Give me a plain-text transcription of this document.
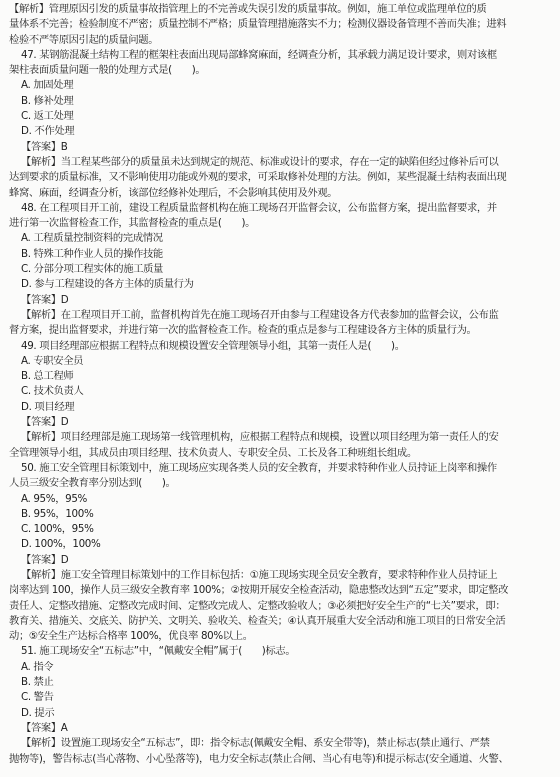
【解析】管理原因引发的质量事故指管理上的不完善或失误引发的质量事故。例如，施工单位或监理单位的质
量体系不完善；检验制度不严密；质量控制不严格；质量管理措施落实不力；检测仪器设备管理不善而失准；进料
检验不严等原因引起的质量问题。
47. 某钢筋混凝土结构工程的框架柱表面出现局部蜂窝麻面，经调查分析，其承载力满足设计要求，则对该框
架柱表面质量问题一般的处理方式是(　　)。
A. 加固处理
B. 修补处理
C. 返工处理
D. 不作处理
【答案】B
【解析】当工程某些部分的质量虽未达到规定的规范、标准或设计的要求，存在一定的缺陷但经过修补后可以
达到要求的质量标准，又不影响使用功能或外观的要求，可采取修补处理的方法。例如，某些混凝土结构表面出现
蜂窝、麻面，经调查分析，该部位经修补处理后，不会影响其使用及外观。
48. 在工程项目开工前，建设工程质量监督机构在施工现场召开监督会议，公布监督方案，提出监督要求，并
进行第一次监督检查工作，其监督检查的重点是(　　)。
A. 工程质量控制资料的完成情况
B. 特殊工种作业人员的操作技能
C. 分部分项工程实体的施工质量
D. 参与工程建设的各方主体的质量行为
【答案】D
【解析】在工程项目开工前，监督机构首先在施工现场召开由参与工程建设各方代表参加的监督会议，公布监
督方案，提出监督要求，并进行第一次的监督检查工作。检查的重点是参与工程建设各方主体的质量行为。
49. 项目经理部应根据工程特点和规模设置安全管理领导小组，其第一责任人是(　　)。
A. 专职安全员
B. 总工程师
C. 技术负责人
D. 项目经理
【答案】D
【解析】项目经理部是施工现场第一线管理机构，应根据工程特点和规模，设置以项目经理为第一责任人的安
全管理领导小组，其成员由项目经理、技术负责人、专职安全员、工长及各工种班组长组成。
50. 施工安全管理目标策划中，施工现场应实现各类人员的安全教育，并要求特种作业人员持证上岗率和操作
人员三级安全教育率分别达到(　　)。
A. 95%，95%
B. 95%，100%
C. 100%，95%
D. 100%，100%
【答案】D
【解析】施工安全管理目标策划中的工作目标包括：①施工现场实现全员安全教育，要求特种作业人员持证上
岗率达到 100，操作人员三级安全教育率 100%；②按期开展安全检查活动，隐患整改达到“五定”要求，即定整改
责任人、定整改措施、定整改完成时间、定整改完成人、定整改验收人；③必须把好安全生产的“七关”要求，即：
教育关、措施关、交底关、防护关、文明关、验收关、检查关；④认真开展重大安全活动和施工项目的日常安全活
动；⑤安全生产达标合格率 100%，优良率 80%以上。
51. 施工现场安全“五标志”中，“佩戴安全帽”属于(　　)标志。
A. 指令
B. 禁止
C. 警告
D. 提示
【答案】A
【解析】设置施工现场安全“五标志”，即：指令标志(佩戴安全帽、系安全带等)，禁止标志(禁止通行、严禁
抛物等)，警告标志(当心落物、小心坠落等)，电力安全标志(禁止合闸、当心有电等)和提示标志(安全通道、火警、
